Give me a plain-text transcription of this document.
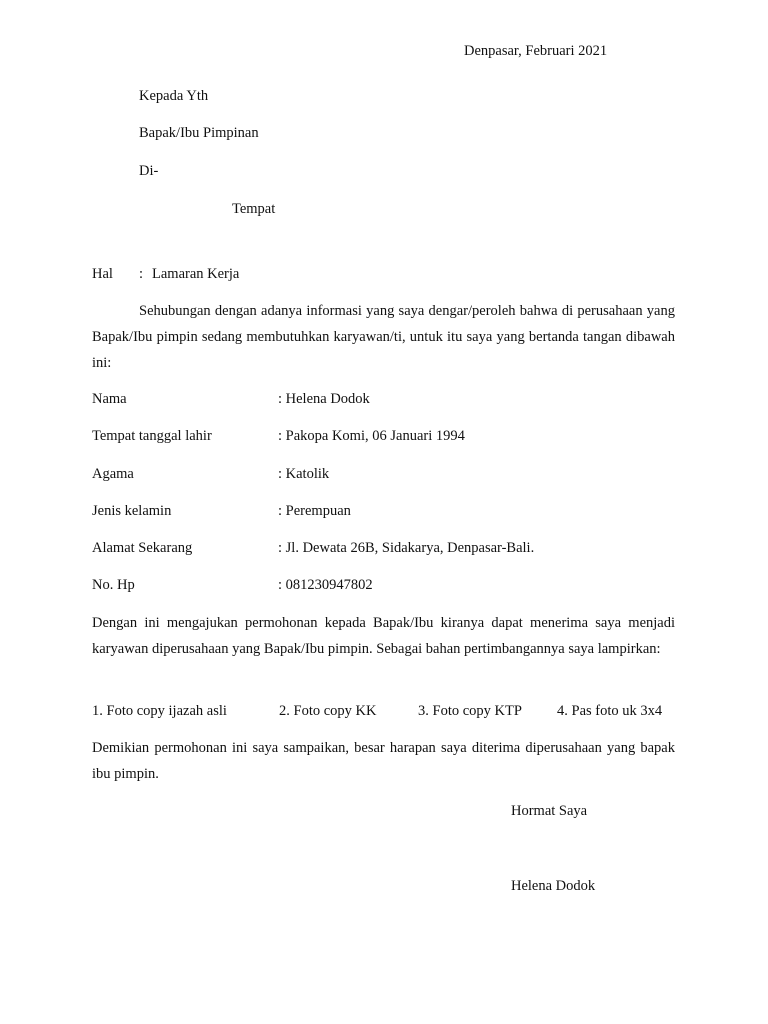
Denpasar, Februari 2021
Kepada Yth
Bapak/Ibu Pimpinan
Di-
Tempat
Hal : Lamaran Kerja
Sehubungan dengan adanya informasi yang saya dengar/peroleh bahwa di perusahaan yang Bapak/Ibu pimpin sedang membutuhkan karyawan/ti, untuk itu saya yang bertanda tangan dibawah ini:
Nama	: Helena Dodok
Tempat tanggal lahir	: Pakopa Komi, 06 Januari 1994
Agama	: Katolik
Jenis kelamin	: Perempuan
Alamat Sekarang	: Jl. Dewata 26B, Sidakarya, Denpasar-Bali.
No. Hp	: 081230947802
Dengan ini mengajukan permohonan kepada Bapak/Ibu kiranya dapat menerima saya menjadi karyawan diperusahaan yang Bapak/Ibu pimpin. Sebagai bahan pertimbangannya saya lampirkan:
1. Foto copy ijazah asli	2. Foto copy KK	3. Foto copy KTP 4. Pas foto uk 3x4
Demikian permohonan ini saya sampaikan, besar harapan saya diterima diperusahaan yang bapak ibu pimpin.
Hormat Saya
Helena Dodok
